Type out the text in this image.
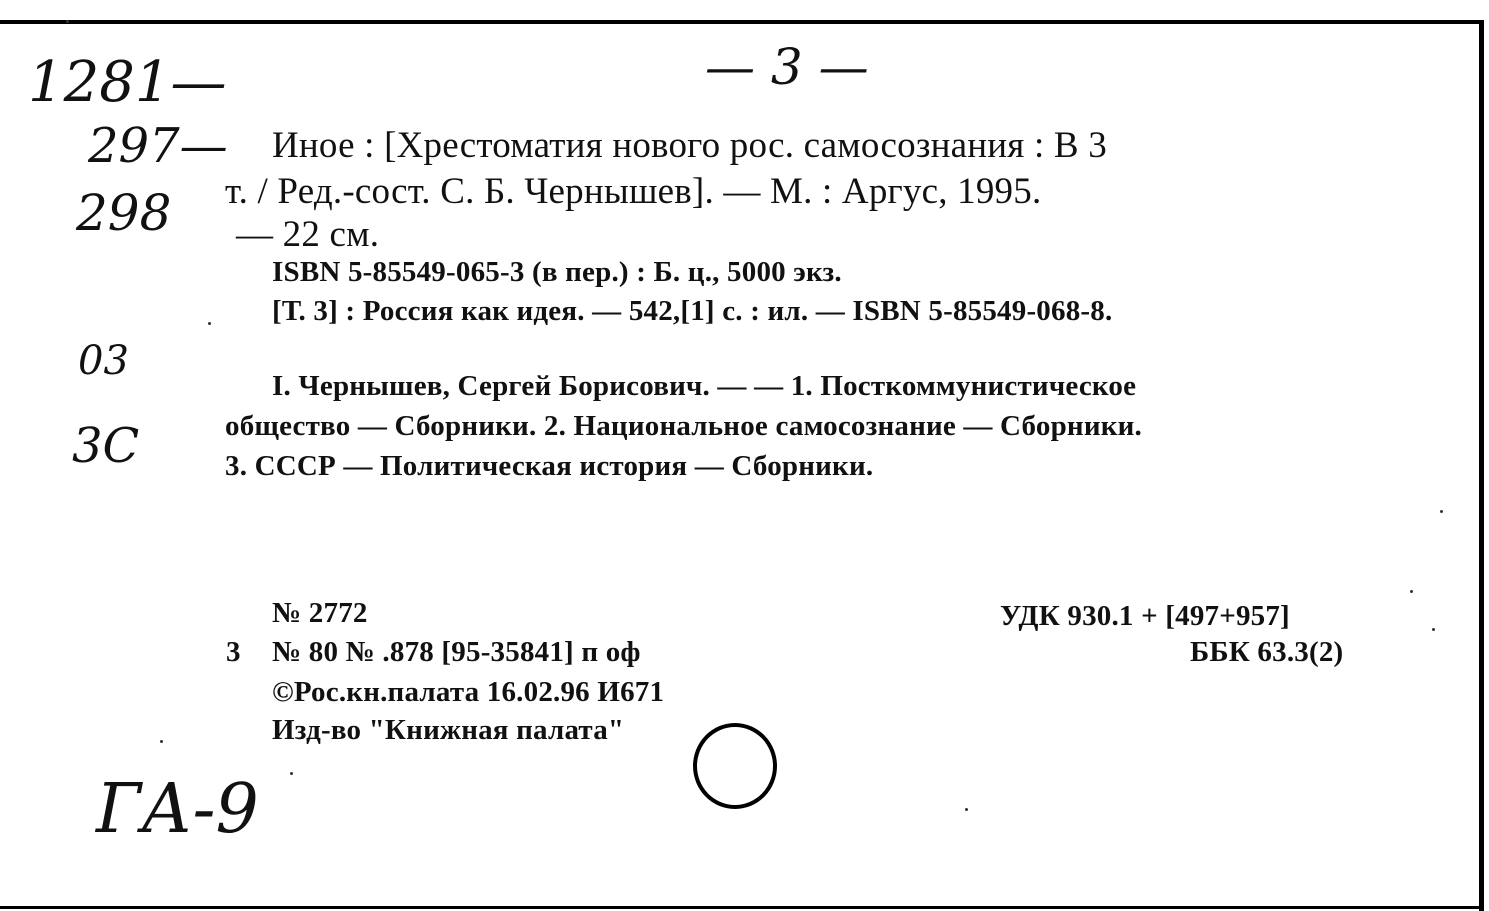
— 3 —
1281—
297—
298
03
3C
ГА-9
Иное : [Хрестоматия нового рос. самосознания : В 3
т. / Ред.-сост. С. Б. Чернышев]. — М. : Аргус, 1995.
— 22 см.
ISBN 5-85549-065-3 (в пер.) : Б. ц., 5000 экз.
[Т. 3] : Россия как идея. — 542,[1] с. : ил. — ISBN 5-85549-068-8.
I. Чернышев, Сергей Борисович. — — 1. Посткоммунистическое
общество — Сборники. 2. Национальное самосознание — Сборники.
3. СССР — Политическая история — Сборники.
№ 2772
3 № 80 № .878 [95-35841] п оф
©Рос.кн.палата 16.02.96 И671
Изд-во "Книжная палата"
УДК 930.1 + [497+957]
ББК 63.3(2)
